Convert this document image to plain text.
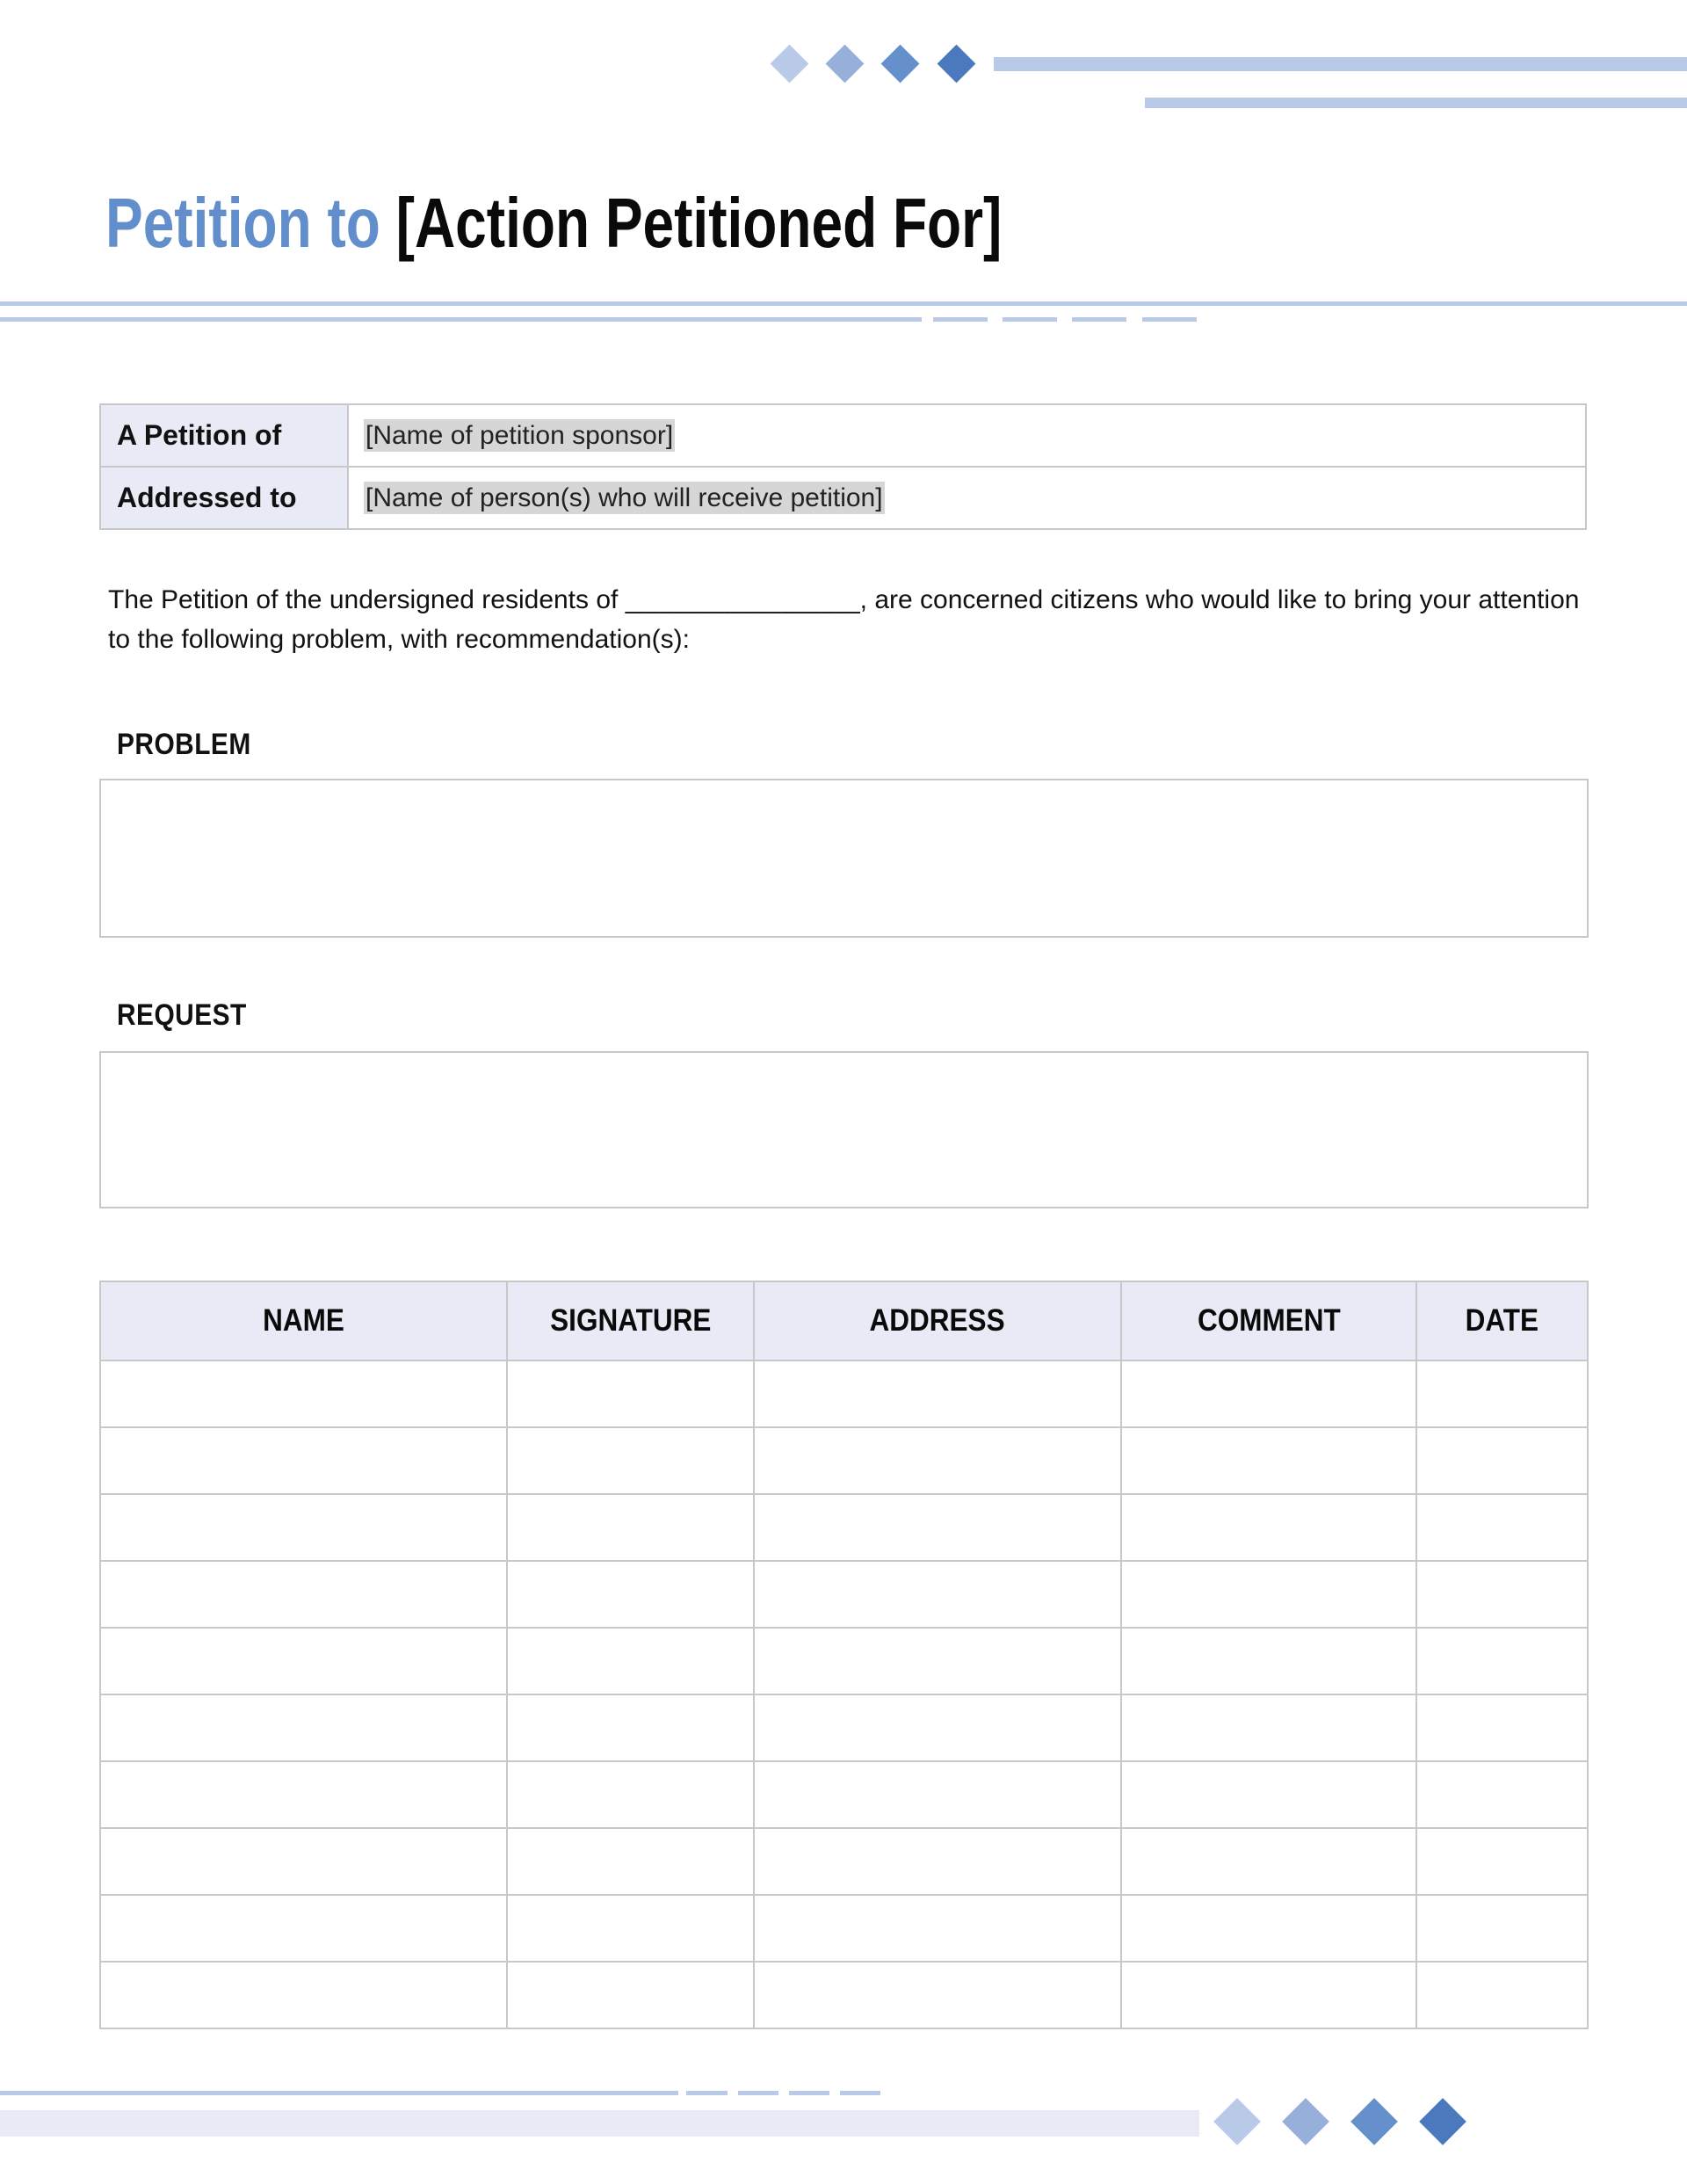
Petition to [Action Petitioned For]
A Petition of	[Name of petition sponsor]
Addressed to	[Name of person(s) who will receive petition]
The Petition of the undersigned residents of ________________, are concerned citizens who would like to bring your attention to the following problem, with recommendation(s):
PROBLEM
REQUEST
NAME	SIGNATURE	ADDRESS	COMMENT	DATE
